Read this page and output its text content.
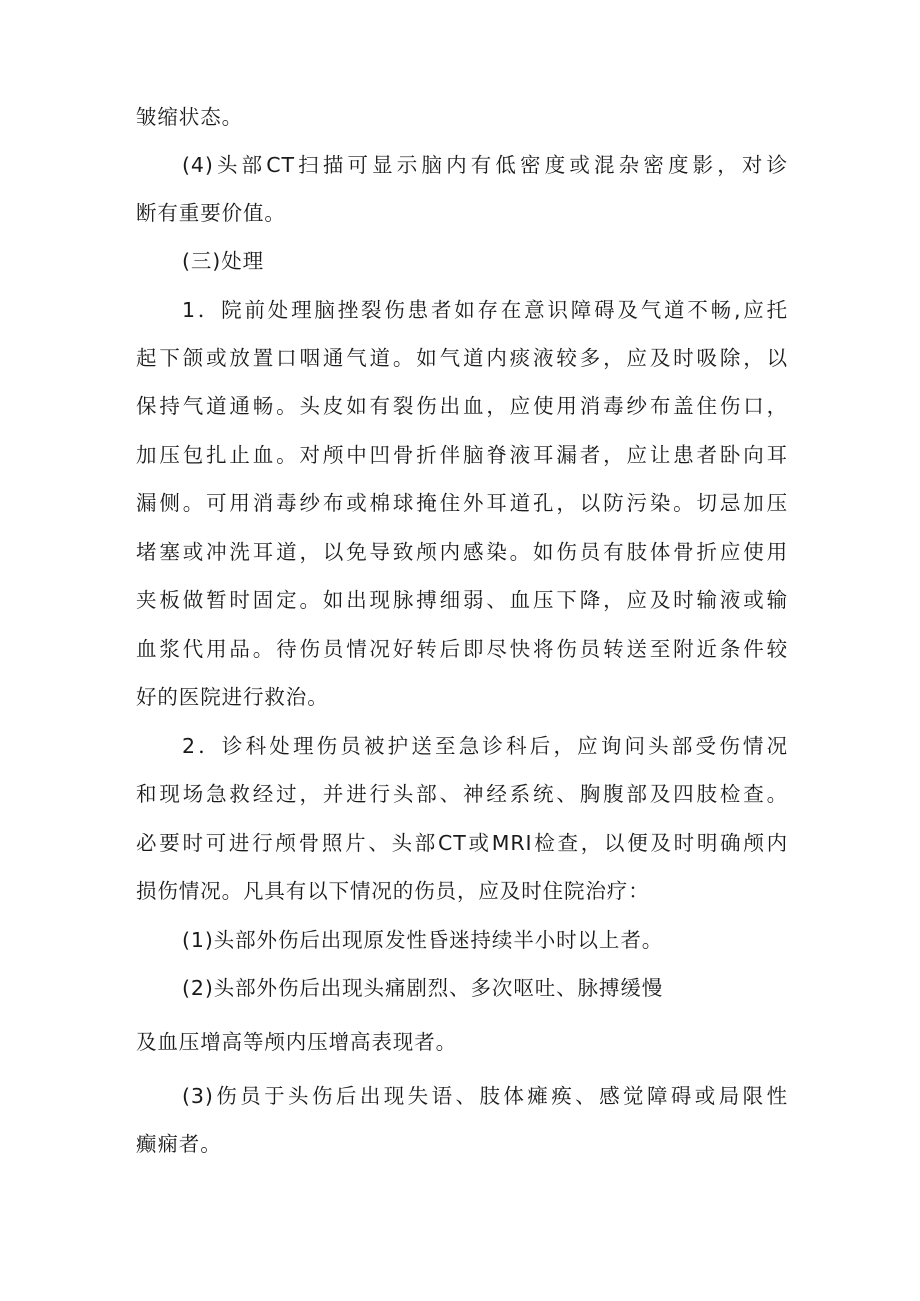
皱缩状态。
(4)头部CT扫描可显示脑内有低密度或混杂密度影，对诊
断有重要价值。
(三)处理
1．院前处理脑挫裂伤患者如存在意识障碍及气道不畅,应托
起下颌或放置口咽通气道。如气道内痰液较多，应及时吸除，以
保持气道通畅。头皮如有裂伤出血，应使用消毒纱布盖住伤口，
加压包扎止血。对颅中凹骨折伴脑脊液耳漏者，应让患者卧向耳
漏侧。可用消毒纱布或棉球掩住外耳道孔，以防污染。切忌加压
堵塞或冲洗耳道，以免导致颅内感染。如伤员有肢体骨折应使用
夹板做暂时固定。如出现脉搏细弱、血压下降，应及时输液或输
血浆代用品。待伤员情况好转后即尽快将伤员转送至附近条件较
好的医院进行救治。
2．诊科处理伤员被护送至急诊科后，应询问头部受伤情况
和现场急救经过，并进行头部、神经系统、胸腹部及四肢检查。
必要时可进行颅骨照片、头部CT或MRI检查，以便及时明确颅内
损伤情况。凡具有以下情况的伤员，应及时住院治疗：
(1)头部外伤后出现原发性昏迷持续半小时以上者。
(2)头部外伤后出现头痛剧烈、多次呕吐、脉搏缓慢
及血压增高等颅内压增高表现者。
(3)伤员于头伤后出现失语、肢体瘫痪、感觉障碍或局限性
癫痫者。
